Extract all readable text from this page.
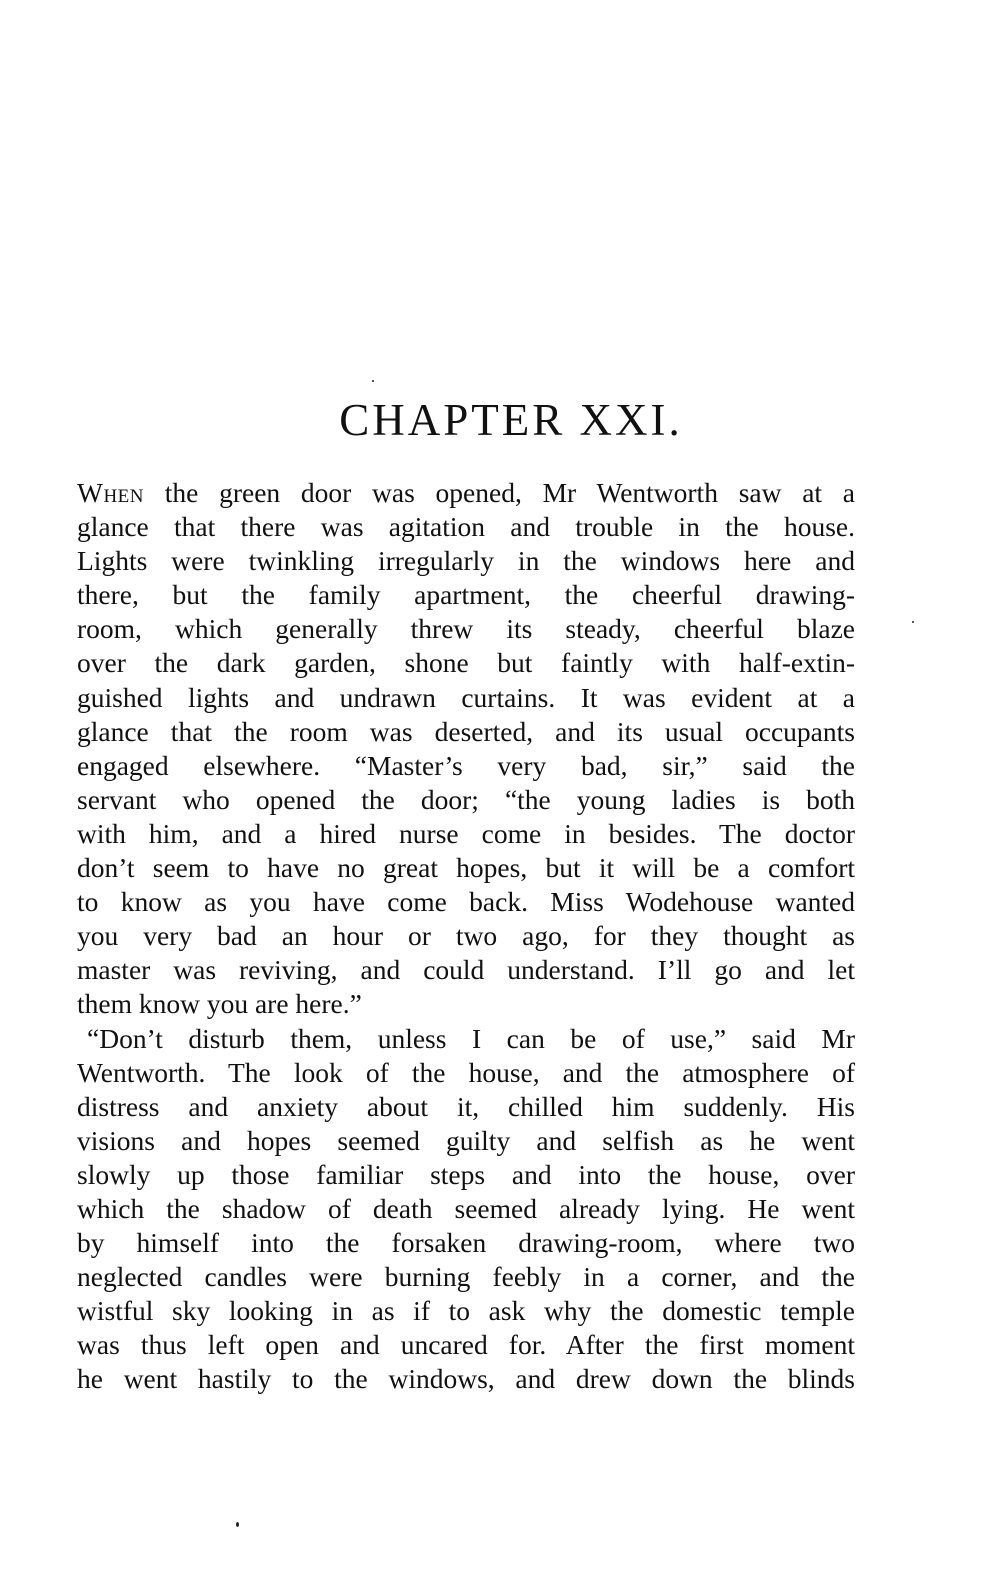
CHAPTER XXI.
When the green door was opened, Mr Wentworth saw at a
glance that there was agitation and trouble in the house.
Lights were twinkling irregularly in the windows here and
there, but the family apartment, the cheerful drawing-
room, which generally threw its steady, cheerful blaze
over the dark garden, shone but faintly with half-extin-
guished lights and undrawn curtains. It was evident at a
glance that the room was deserted, and its usual occupants
engaged elsewhere. “Master’s very bad, sir,” said the
servant who opened the door; “the young ladies is both
with him, and a hired nurse come in besides. The doctor
don’t seem to have no great hopes, but it will be a comfort
to know as you have come back. Miss Wodehouse wanted
you very bad an hour or two ago, for they thought as
master was reviving, and could understand. I’ll go and let
them know you are here.”
“Don’t disturb them, unless I can be of use,” said Mr
Wentworth. The look of the house, and the atmosphere of
distress and anxiety about it, chilled him suddenly. His
visions and hopes seemed guilty and selfish as he went
slowly up those familiar steps and into the house, over
which the shadow of death seemed already lying. He went
by himself into the forsaken drawing-room, where two
neglected candles were burning feebly in a corner, and the
wistful sky looking in as if to ask why the domestic temple
was thus left open and uncared for. After the first moment
he went hastily to the windows, and drew down the blinds
